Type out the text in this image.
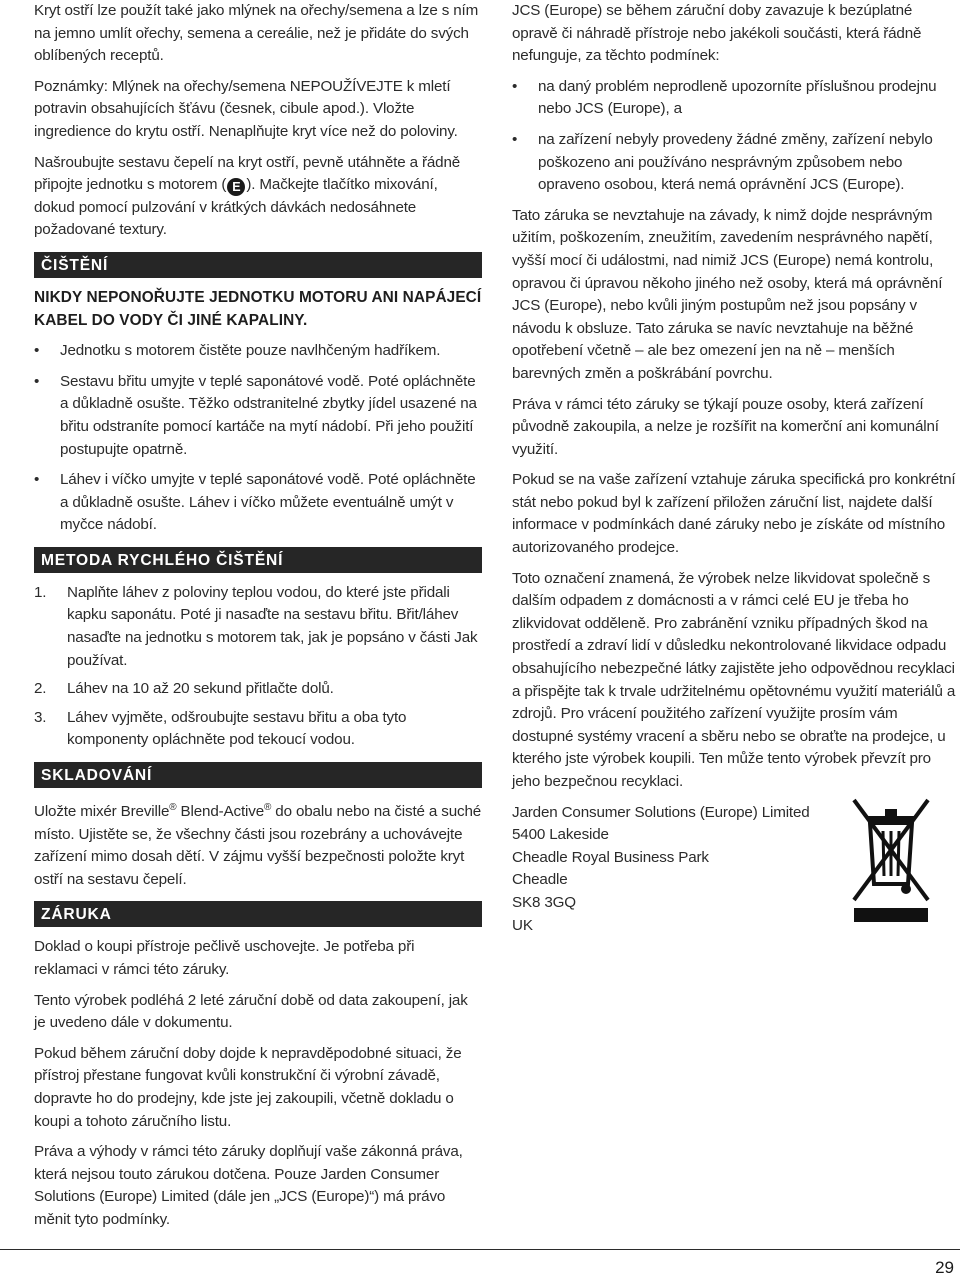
Kryt ostří lze použít také jako mlýnek na ořechy/semena a lze s ním na jemno umlít ořechy, semena a cereálie, než je přidáte do svých oblíbených receptů.

Poznámky: Mlýnek na ořechy/semena NEPOUŽÍVEJTE k mletí potravin obsahujících šťávu (česnek, cibule apod.). Vložte ingredience do krytu ostří. Nenaplňujte kryt více než do poloviny.

Našroubujte sestavu čepelí na kryt ostří, pevně utáhněte a řádně připojte jednotku s motorem ( E ). Mačkejte tlačítko mixování, dokud pomocí pulzování v krátkých dávkách nedosáhnete požadované textury.

ČIŠTĚNÍ

NIKDY NEPONOŘUJTE JEDNOTKU MOTORU ANI NAPÁJECÍ KABEL DO VODY ČI JINÉ KAPALINY.

• Jednotku s motorem čistěte pouze navlhčeným hadříkem.
• Sestavu břitu umyjte v teplé saponátové vodě. Poté opláchněte a důkladně osušte. Těžko odstranitelné zbytky jídel usazené na břitu odstraníte pomocí kartáče na mytí nádobí. Při jeho použití postupujte opatrně.
• Láhev i víčko umyjte v teplé saponátové vodě. Poté opláchněte a důkladně osušte. Láhev i víčko můžete eventuálně umýt v myčce nádobí.
METODA RYCHLÉHO ČIŠTĚNÍ
1. Naplňte láhev z poloviny teplou vodou, do které jste přidali kapku saponátu. Poté ji nasaďte na sestavu břitu. Břit/láhev nasaďte na jednotku s motorem tak, jak je popsáno v části Jak používat.
2. Láhev na 10 až 20 sekund přitlačte dolů.
3. Láhev vyjměte, odšroubujte sestavu břitu a oba tyto komponenty opláchněte pod tekoucí vodou.
SKLADOVÁNÍ

Uložte mixér Breville® Blend-Active® do obalu nebo na čisté a suché místo. Ujistěte se, že všechny části jsou rozebrány a uchovávejte zařízení mimo dosah dětí. V zájmu vyšší bezpečnosti položte kryt ostří na sestavu čepelí.

ZÁRUKA

Doklad o koupi přístroje pečlivě uschovejte. Je potřeba při reklamaci v rámci této záruky.

Tento výrobek podléhá 2 leté záruční době od data zakoupení, jak je uvedeno dále v dokumentu.

Pokud během záruční doby dojde k nepravděpodobné situaci, že přístroj přestane fungovat kvůli konstrukční či výrobní závadě, dopravte ho do prodejny, kde jste jej zakoupili, včetně dokladu o koupi a tohoto záručního listu.

Práva a výhody v rámci této záruky doplňují vaše zákonná práva, která nejsou touto zárukou dotčena. Pouze Jarden Consumer Solutions (Europe) Limited (dále jen „JCS (Europe)“) má právo měnit tyto podmínky.

JCS (Europe) se během záruční doby zavazuje k bezúplatné opravě či náhradě přístroje nebo jakékoli součásti, která řádně nefunguje, za těchto podmínek:

• na daný problém neprodleně upozorníte příslušnou prodejnu nebo JCS (Europe), a
• na zařízení nebyly provedeny žádné změny, zařízení nebylo poškozeno ani používáno nesprávným způsobem nebo opraveno osobou, která nemá oprávnění JCS (Europe).

Tato záruka se nevztahuje na závady, k nimž dojde nesprávným užitím, poškozením, zneužitím, zavedením nesprávného napětí, vyšší mocí či událostmi, nad nimiž JCS (Europe) nemá kontrolu, opravou či úpravou někoho jiného než osoby, která má oprávnění JCS (Europe), nebo kvůli jiným postupům než jsou popsány v návodu k obsluze. Tato záruka se navíc nevztahuje na běžné opotřebení včetně – ale bez omezení jen na ně – menších barevných změn a poškrábání povrchu.

Práva v rámci této záruky se týkají pouze osoby, která zařízení původně zakoupila, a nelze je rozšířit na komerční ani komunální využití.

Pokud se na vaše zařízení vztahuje záruka specifická pro konkrétní stát nebo pokud byl k zařízení přiložen záruční list, najdete další informace v podmínkách dané záruky nebo je získáte od místního autorizovaného prodejce.

Toto označení znamená, že výrobek nelze likvidovat společně s dalším odpadem z domácnosti a v rámci celé EU je třeba ho zlikvidovat odděleně. Pro zabránění vzniku případných škod na prostředí a zdraví lidí v důsledku nekontrolované likvidace odpadu obsahujícího nebezpečné látky zajistěte jeho odpovědnou recyklaci a přispějte tak k trvale udržitelnému opětovnému využití materiálů a zdrojů. Pro vrácení použitého zařízení využijte prosím vám dostupné systémy vracení a sběru nebo se obraťte na prodejce, u kterého jste výrobek koupili. Ten může tento výrobek převzít pro jeho bezpečnou recyklaci.

Jarden Consumer Solutions (Europe) Limited
5400 Lakeside
Cheadle Royal Business Park
Cheadle
SK8 3GQ
UK
29
